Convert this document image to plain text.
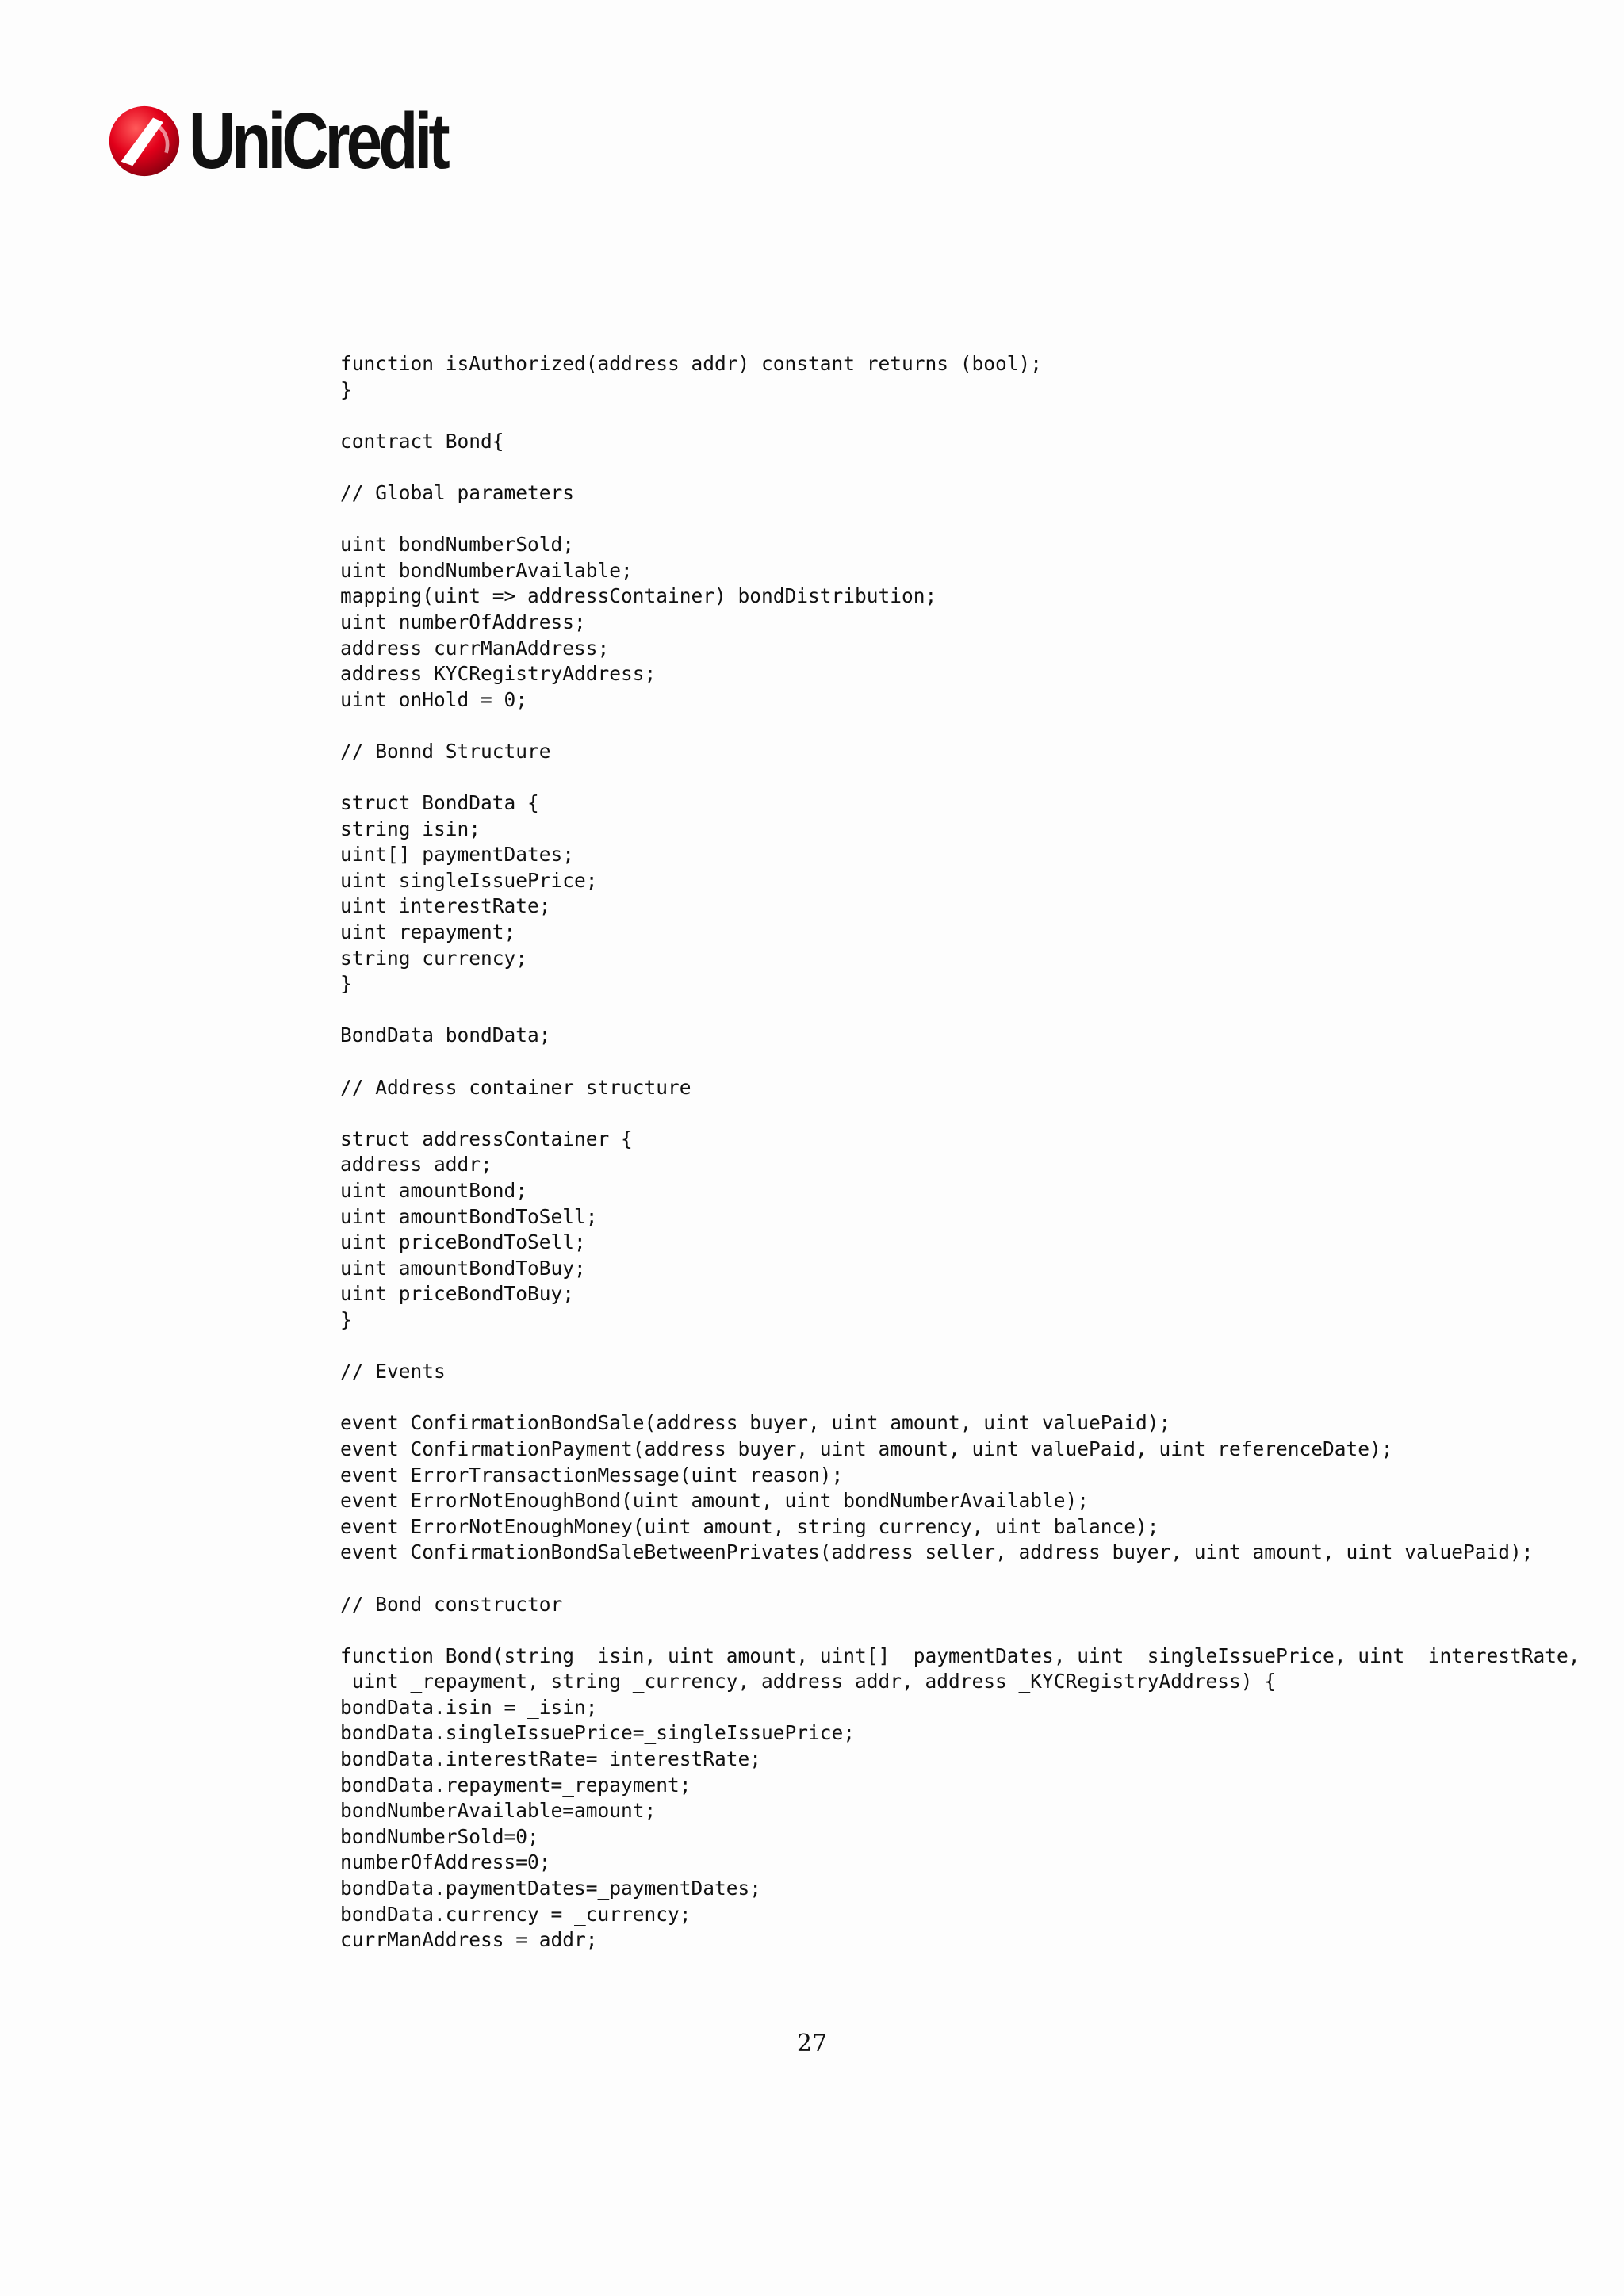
UniCredit
function isAuthorized(address addr) constant returns (bool);
}
contract Bond{
// Global parameters
uint bondNumberSold;
uint bondNumberAvailable;
mapping(uint => addressContainer) bondDistribution;
uint numberOfAddress;
address currManAddress;
address KYCRegistryAddress;
uint onHold = 0;
// Bonnd Structure
struct BondData {
string isin;
uint[] paymentDates;
uint singleIssuePrice;
uint interestRate;
uint repayment;
string currency;
}
BondData bondData;
// Address container structure
struct addressContainer {
address addr;
uint amountBond;
uint amountBondToSell;
uint priceBondToSell;
uint amountBondToBuy;
uint priceBondToBuy;
}
// Events
event ConfirmationBondSale(address buyer, uint amount, uint valuePaid);
event ConfirmationPayment(address buyer, uint amount, uint valuePaid, uint referenceDate);
event ErrorTransactionMessage(uint reason);
event ErrorNotEnoughBond(uint amount, uint bondNumberAvailable);
event ErrorNotEnoughMoney(uint amount, string currency, uint balance);
event ConfirmationBondSaleBetweenPrivates(address seller, address buyer, uint amount, uint valuePaid);
// Bond constructor
function Bond(string _isin, uint amount, uint[] _paymentDates, uint _singleIssuePrice, uint _interestRate,
uint _repayment, string _currency, address addr, address _KYCRegistryAddress) {
bondData.isin = _isin;
bondData.singleIssuePrice=_singleIssuePrice;
bondData.interestRate=_interestRate;
bondData.repayment=_repayment;
bondNumberAvailable=amount;
bondNumberSold=0;
numberOfAddress=0;
bondData.paymentDates=_paymentDates;
bondData.currency = _currency;
currManAddress = addr;
27
